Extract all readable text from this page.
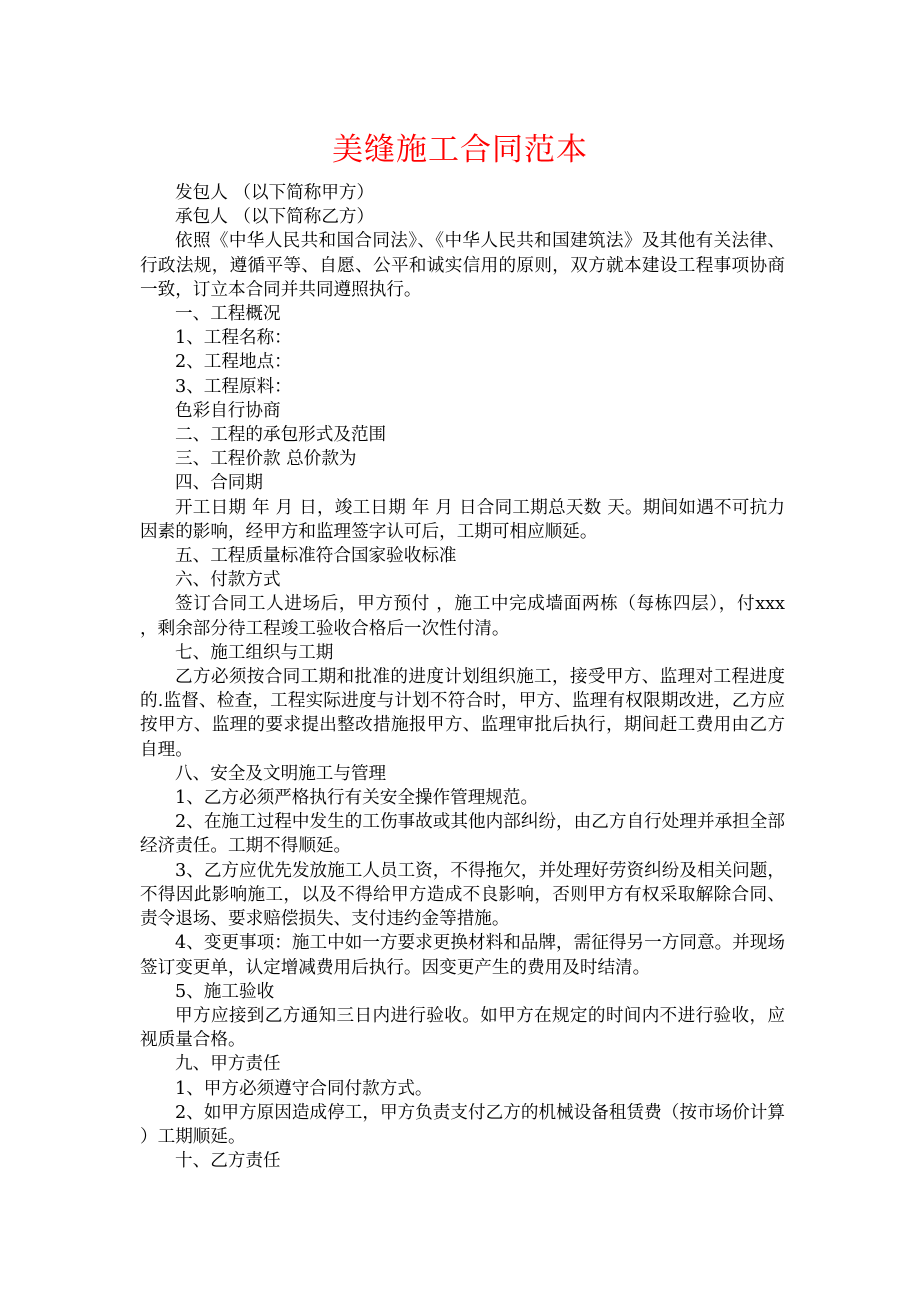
美缝施工合同范本

发包人 （以下简称甲方）

承包人 （以下简称乙方）

依照《中华人民共和国合同法》、《中华人民共和国建筑法》及其他有关法律、行政法规，遵循平等、自愿、公平和诚实信用的原则，双方就本建设工程事项协商一致，订立本合同并共同遵照执行。

一、工程概况

1、工程名称：

2、工程地点：

3、工程原料：

色彩自行协商

二、工程的承包形式及范围

三、工程价款 总价款为

四、合同期

开工日期 年 月 日，竣工日期 年 月 日合同工期总天数 天。期间如遇不可抗力因素的影响，经甲方和监理签字认可后，工期可相应顺延。

五、工程质量标准符合国家验收标准

六、付款方式

签订合同工人进场后，甲方预付 ，施工中完成墙面两栋（每栋四层），付xxx ，剩余部分待工程竣工验收合格后一次性付清。

七、施工组织与工期

乙方必须按合同工期和批准的进度计划组织施工，接受甲方、监理对工程进度的.监督、检查，工程实际进度与计划不符合时，甲方、监理有权限期改进，乙方应按甲方、监理的要求提出整改措施报甲方、监理审批后执行，期间赶工费用由乙方自理。

八、安全及文明施工与管理

1、乙方必须严格执行有关安全操作管理规范。

2、在施工过程中发生的工伤事故或其他内部纠纷，由乙方自行处理并承担全部经济责任。工期不得顺延。

3、乙方应优先发放施工人员工资，不得拖欠，并处理好劳资纠纷及相关问题，不得因此影响施工，以及不得给甲方造成不良影响，否则甲方有权采取解除合同、责令退场、要求赔偿损失、支付违约金等措施。

4、变更事项：施工中如一方要求更换材料和品牌，需征得另一方同意。并现场签订变更单，认定增减费用后执行。因变更产生的费用及时结清。

5、施工验收

甲方应接到乙方通知三日内进行验收。如甲方在规定的时间内不进行验收，应视质量合格。

九、甲方责任

1、甲方必须遵守合同付款方式。

2、如甲方原因造成停工，甲方负责支付乙方的机械设备租赁费（按市场价计算）工期顺延。

十、乙方责任
